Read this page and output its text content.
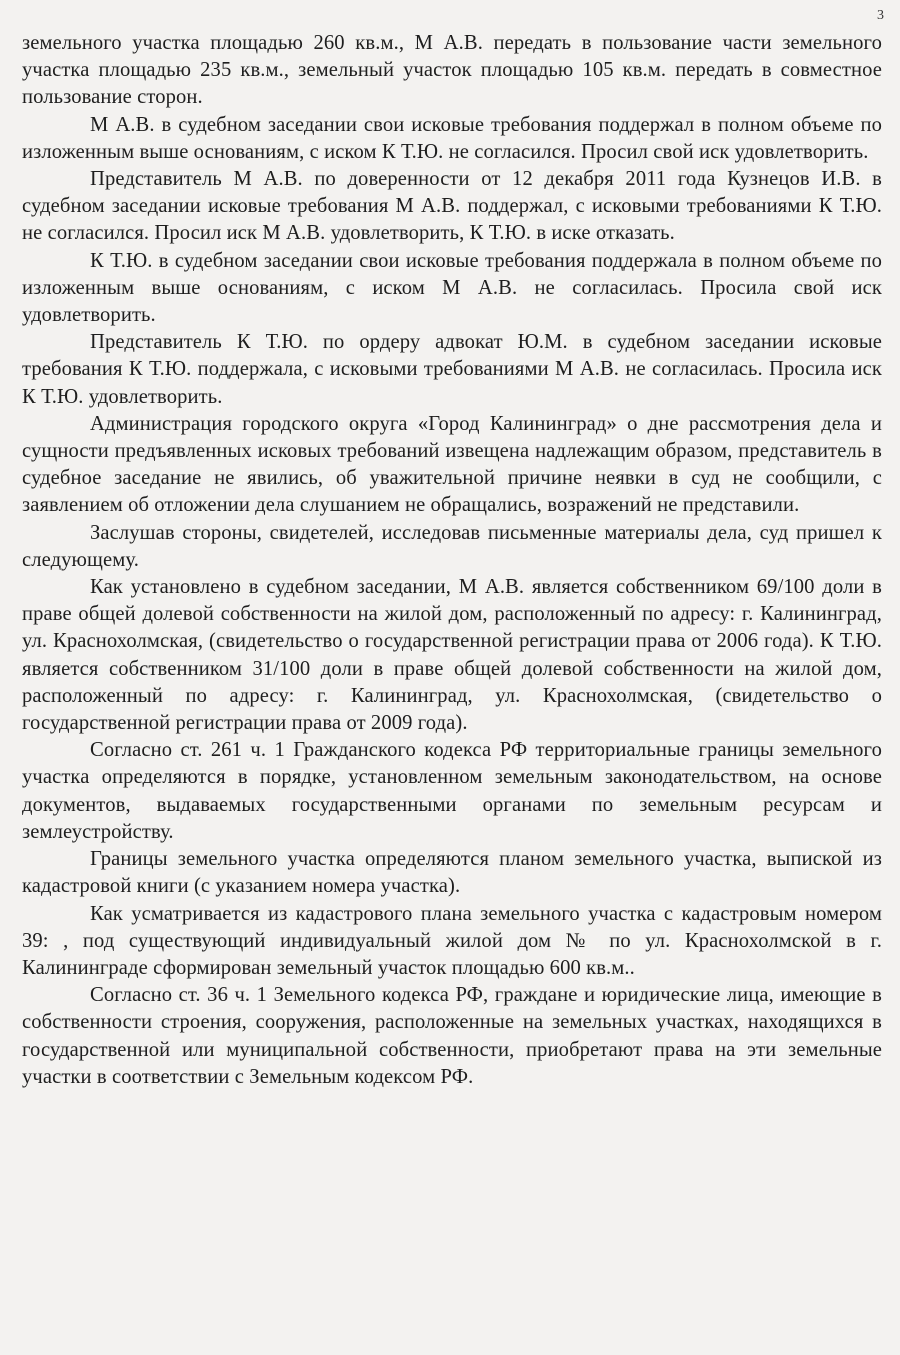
3

земельного участка площадью 260 кв.м., М А.В. передать в пользование части земельного участка площадью 235 кв.м., земельный участок площадью 105 кв.м. передать в совместное пользование сторон.

М А.В. в судебном заседании свои исковые требования поддержал в полном объеме по изложенным выше основаниям, с иском К Т.Ю. не согласился. Просил свой иск удовлетворить.

Представитель М А.В. по доверенности от 12 декабря 2011 года Кузнецов И.В. в судебном заседании исковые требования М А.В. поддержал, с исковыми требованиями К Т.Ю. не согласился. Просил иск М А.В. удовлетворить, К Т.Ю. в иске отказать.

К Т.Ю. в судебном заседании свои исковые требования поддержала в полном объеме по изложенным выше основаниям, с иском М А.В. не согласилась. Просила свой иск удовлетворить.

Представитель К Т.Ю. по ордеру адвокат Ю.М. в судебном заседании исковые требования К Т.Ю. поддержала, с исковыми требованиями М А.В. не согласилась. Просила иск К Т.Ю. удовлетворить.

Администрация городского округа «Город Калининград» о дне рассмотрения дела и сущности предъявленных исковых требований извещена надлежащим образом, представитель в судебное заседание не явились, об уважительной причине неявки в суд не сообщили, с заявлением об отложении дела слушанием не обращались, возражений не представили.

Заслушав стороны, свидетелей, исследовав письменные материалы дела, суд пришел к следующему.

Как установлено в судебном заседании, М А.В. является собственником 69/100 доли в праве общей долевой собственности на жилой дом, расположенный по адресу: г. Калининград, ул. Краснохолмская, (свидетельство о государственной регистрации права от 2006 года). К Т.Ю. является собственником 31/100 доли в праве общей долевой собственности на жилой дом, расположенный по адресу: г. Калининград, ул. Краснохолмская, (свидетельство о государственной регистрации права от 2009 года).

Согласно ст. 261 ч. 1 Гражданского кодекса РФ территориальные границы земельного участка определяются в порядке, установленном земельным законодательством, на основе документов, выдаваемых государственными органами по земельным ресурсам и землеустройству.

Границы земельного участка определяются планом земельного участка, выпиской из кадастровой книги (с указанием номера участка).

Как усматривается из кадастрового плана земельного участка с кадастровым номером 39: , под существующий индивидуальный жилой дом № по ул. Краснохолмской в г. Калининграде сформирован земельный участок площадью 600 кв.м..

Согласно ст. 36 ч. 1 Земельного кодекса РФ, граждане и юридические лица, имеющие в собственности строения, сооружения, расположенные на земельных участках, находящихся в государственной или муниципальной собственности, приобретают права на эти земельные участки в соответствии с Земельным кодексом РФ.
